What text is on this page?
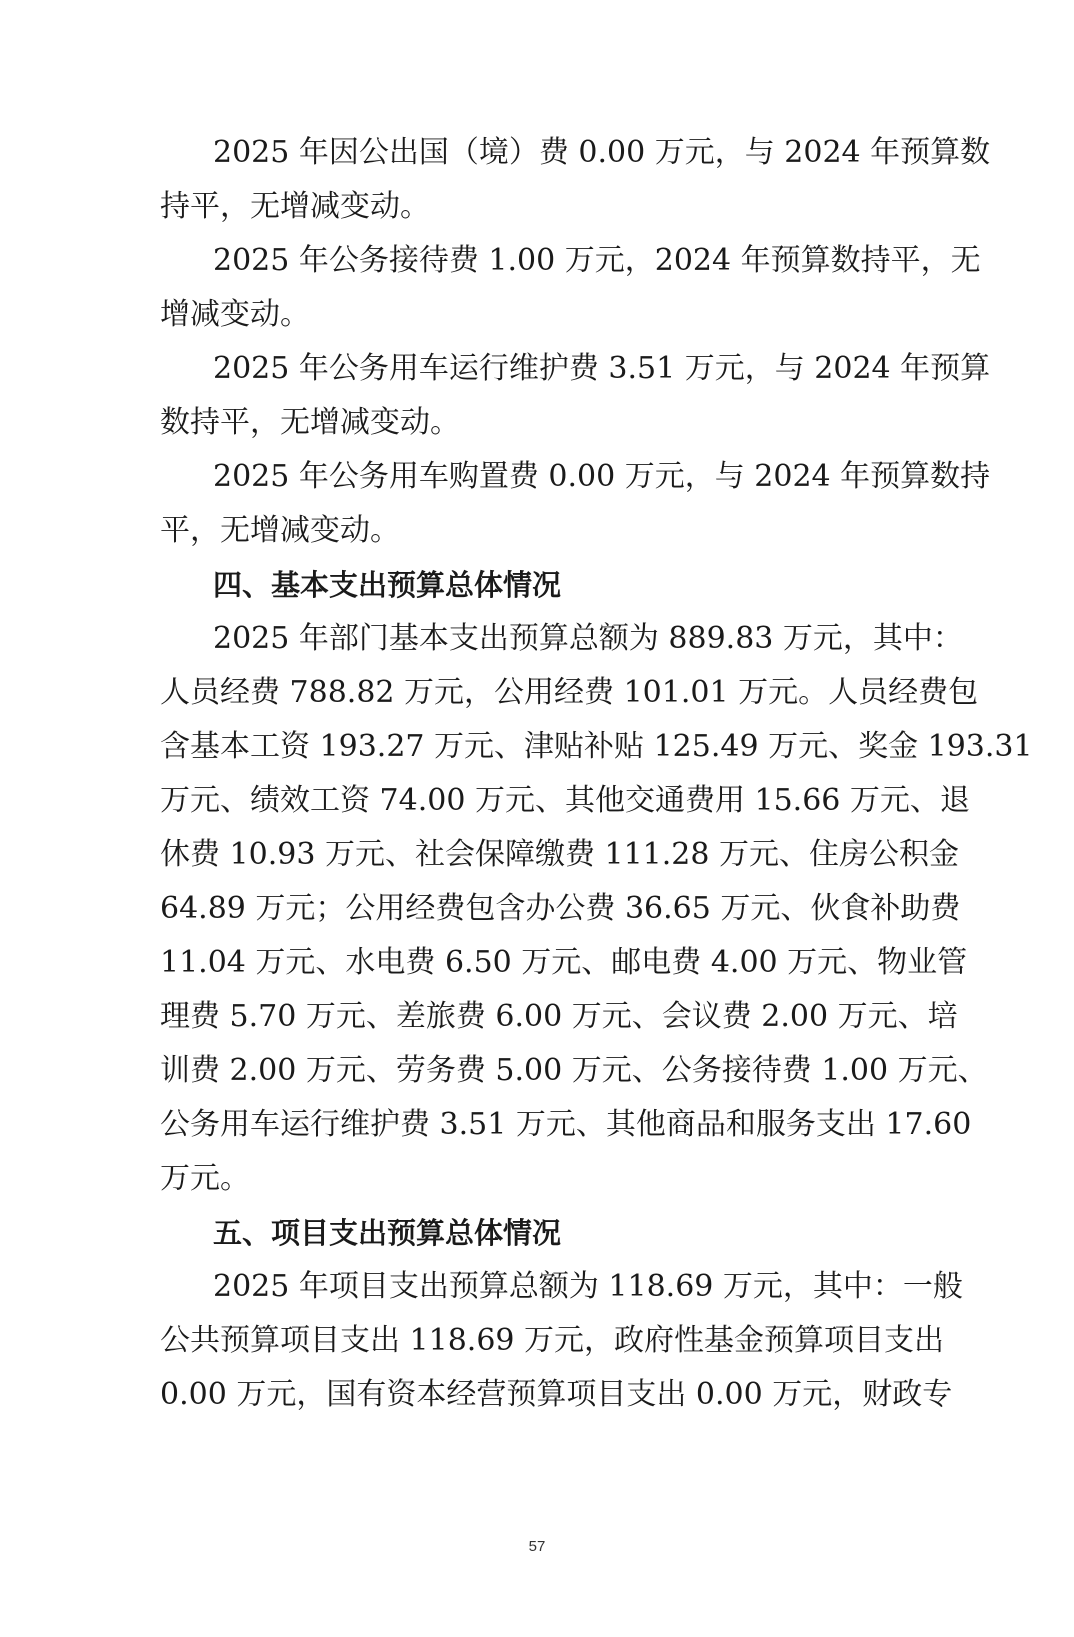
2025 年因公出国（境）费 0.00 万元，与 2024 年预算数
持平，无增减变动。
2025 年公务接待费 1.00 万元，2024 年预算数持平，无
增减变动。
2025 年公务用车运行维护费 3.51 万元，与 2024 年预算
数持平，无增减变动。
2025 年公务用车购置费 0.00 万元，与 2024 年预算数持
平，无增减变动。
四、基本支出预算总体情况
2025 年部门基本支出预算总额为 889.83 万元，其中：
人员经费 788.82 万元，公用经费 101.01 万元。人员经费包
含基本工资 193.27 万元、津贴补贴 125.49 万元、奖金 193.31
万元、绩效工资 74.00 万元、其他交通费用 15.66 万元、退
休费 10.93 万元、社会保障缴费 111.28 万元、住房公积金
64.89 万元；公用经费包含办公费 36.65 万元、伙食补助费
11.04 万元、水电费 6.50 万元、邮电费 4.00 万元、物业管
理费 5.70 万元、差旅费 6.00 万元、会议费 2.00 万元、培
训费 2.00 万元、劳务费 5.00 万元、公务接待费 1.00 万元、
公务用车运行维护费 3.51 万元、其他商品和服务支出 17.60
万元。
五、项目支出预算总体情况
2025 年项目支出预算总额为 118.69 万元，其中：一般
公共预算项目支出 118.69 万元，政府性基金预算项目支出
0.00 万元，国有资本经营预算项目支出 0.00 万元，财政专
57
